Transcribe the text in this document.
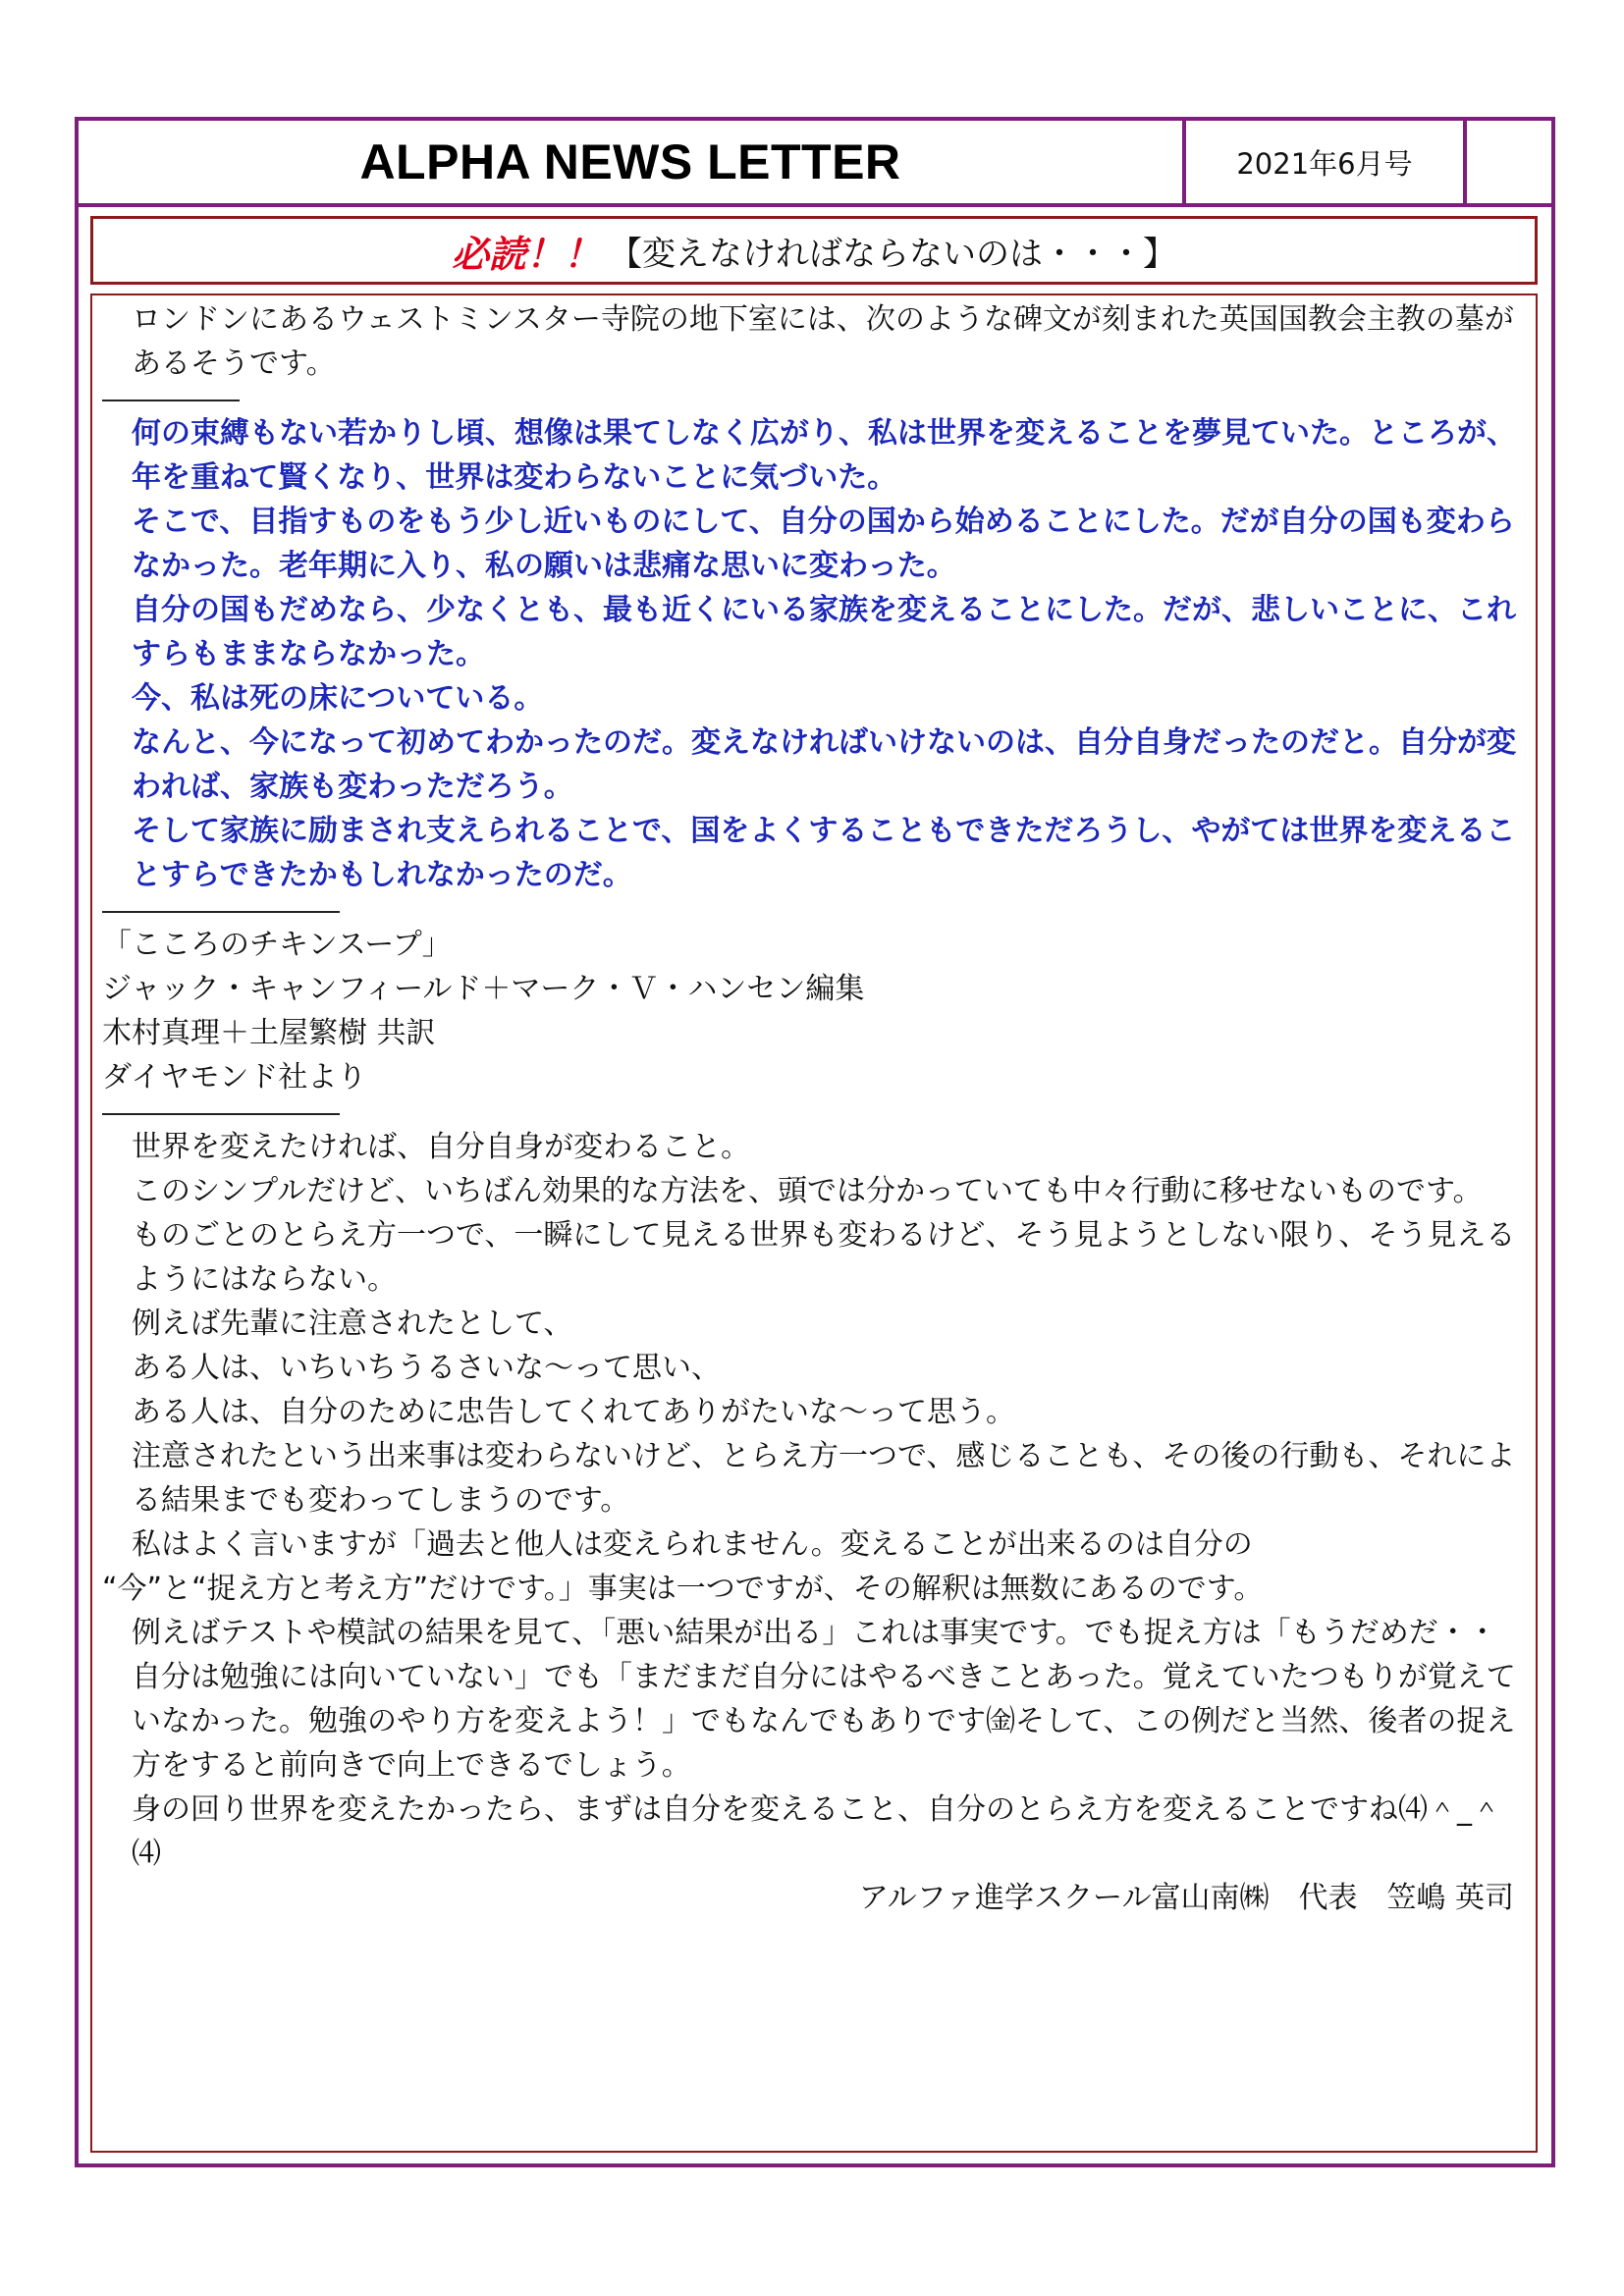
ALPHA NEWS LETTER	2021年6月号
必読！！ 【変えなければならないのは・・・】

ロンドンにあるウェストミンスター寺院の地下室には、次のような碑文が刻まれた英国国教会主教の墓があるそうです。

何の束縛もない若かりし頃、想像は果てしなく広がり、私は世界を変えることを夢見ていた。ところが、年を重ねて賢くなり、世界は変わらないことに気づいた。

そこで、目指すものをもう少し近いものにして、自分の国から始めることにした。だが自分の国も変わらなかった。老年期に入り、私の願いは悲痛な思いに変わった。

自分の国もだめなら、少なくとも、最も近くにいる家族を変えることにした。だが、悲しいことに、これすらもままならなかった。

今、私は死の床についている。

なんと、今になって初めてわかったのだ。変えなければいけないのは、自分自身だったのだと。自分が変われば、家族も変わっただろう。

そして家族に励まされ支えられることで、国をよくすることもできただろうし、やがては世界を変えることすらできたかもしれなかったのだ。

「こころのチキンスープ」

ジャック・キャンフィールド＋マーク・Ｖ・ハンセン編集

木村真理＋土屋繁樹 共訳

ダイヤモンド社より

世界を変えたければ、自分自身が変わること。

このシンプルだけど、いちばん効果的な方法を、頭では分かっていても中々行動に移せないものです。

ものごとのとらえ方一つで、一瞬にして見える世界も変わるけど、そう見ようとしない限り、そう見えるようにはならない。

例えば先輩に注意されたとして、

ある人は、いちいちうるさいな～って思い、

ある人は、自分のために忠告してくれてありがたいな～って思う。

注意されたという出来事は変わらないけど、とらえ方一つで、感じることも、その後の行動も、それによる結果までも変わってしまうのです。

私はよく言いますが「過去と他人は変えられません。変えることが出来るのは自分の

“今”と“捉え方と考え方”だけです。」事実は一つですが、その解釈は無数にあるのです。

例えばテストや模試の結果を見て、「悪い結果が出る」これは事実です。でも捉え方は「もうだめだ・・自分は勉強には向いていない」でも「まだまだ自分にはやるべきことあった。覚えていたつもりが覚えていなかった。勉強のやり方を変えよう！」でもなんでもありです㈮そして、この例だと当然、後者の捉え方をすると前向きで向上できるでしょう。

身の回り世界を変えたかったら、まずは自分を変えること、自分のとらえ方を変えることですね⑷＾_＾⑷

アルファ進学スクール富山南㈱　代表　笠嶋 英司
